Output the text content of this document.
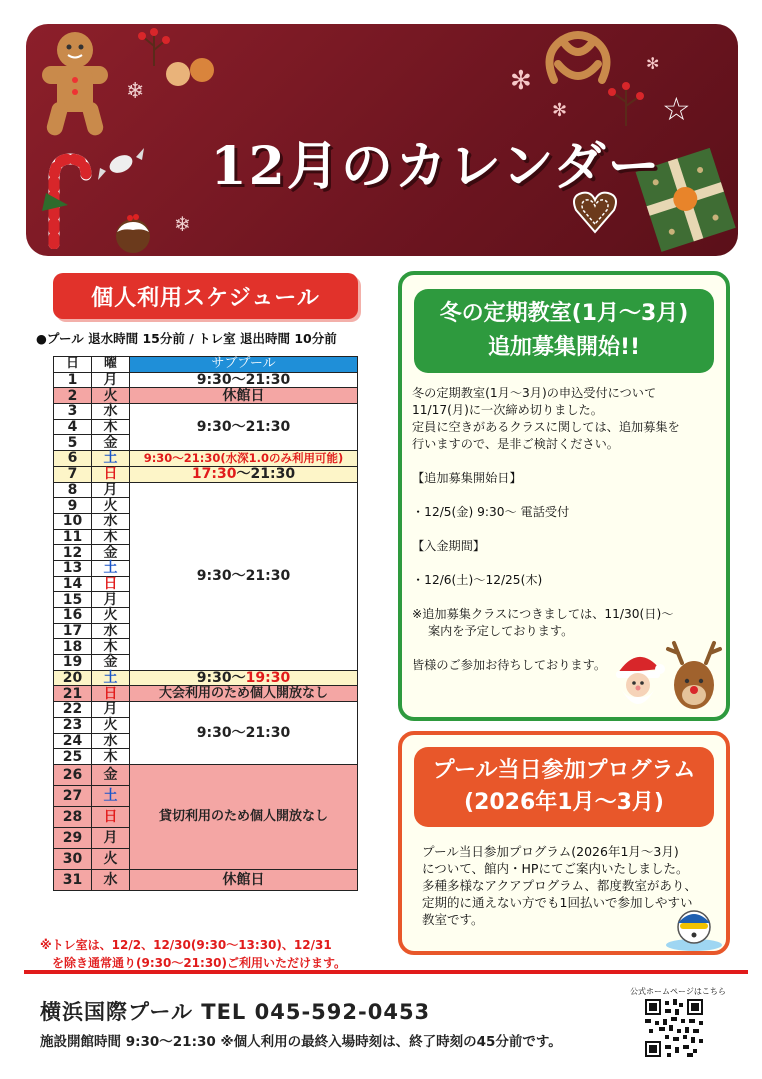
❄
❄
✻
✻
✻
☆
12月のカレンダー
個人利用スケジュール
●プール 退水時間 15分前 / トレ室 退出時間 10分前
日	曜	サブプール
1	月	9:30～21:30
2	火	休館日
3	水	9:30～21:30
4	木	
5	金	
6	土	9:30～21:30(水深1.0のみ利用可能)
7	日	17:30～21:30
8	月	9:30～21:30
9	火	
10	水	
11	木	
12	金	
13	土	
14	日	
15	月	
16	火	
17	水	
18	木	
19	金	
20	土	9:30～19:30
21	日	大会利用のため個人開放なし
22	月	9:30～21:30
23	火	
24	水	
25	木	
26	金	貸切利用のため個人開放なし
27	土	
28	日	
29	月	
30	火	
31	水	休館日
※トレ室は、12/2、12/30(9:30～13:30)、12/31
を除き通常通り(9:30～21:30)ご利用いただけます。
冬の定期教室(1月～3月)
追加募集開始!!

冬の定期教室(1月～3月)の申込受付について
11/17(月)に一次締め切りました。
定員に空きがあるクラスに関しては、追加募集を
行いますので、是非ご検討ください。

【追加募集開始日】

・12/5(金) 9:30～ 電話受付

【入金期間】

・12/6(土)～12/25(木)

※追加募集クラスにつきましては、11/30(日)～
案内を予定しております。

皆様のご参加お待ちしております。

プール当日参加プログラム
(2026年1月～3月)
プール当日参加プログラム(2026年1月～3月)
について、館内・HPにてご案内いたしました。
多種多様なアクアプログラム、都度教室があり、
定期的に通えない方でも1回払いで参加しやすい
教室です。
横浜国際プール TEL 045-592-0453
施設開館時間 9:30～21:30 ※個人利用の最終入場時刻は、終了時刻の45分前です。
公式ホームページはこちら
